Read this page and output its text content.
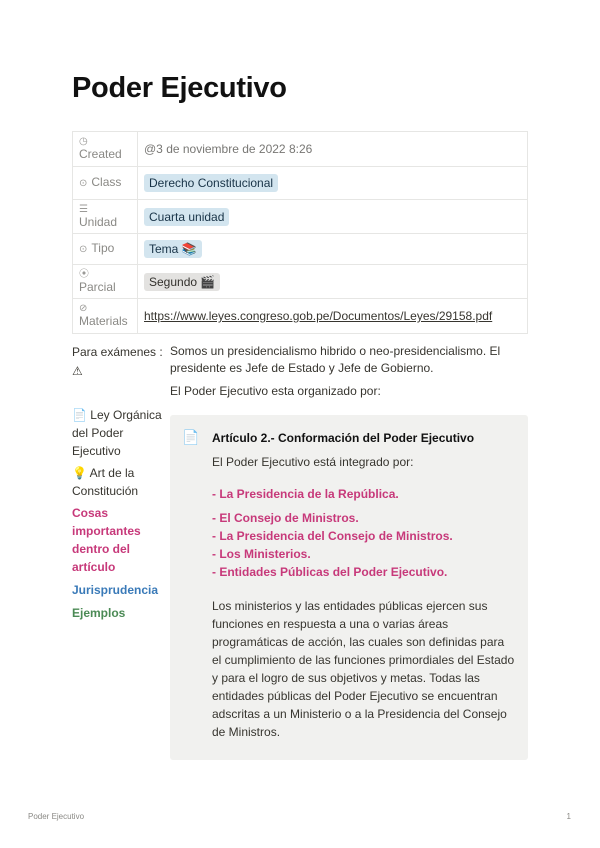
Poder Ejecutivo
◷
Created	@3 de noviembre de 2022 8:26
⊙ Class	Derecho Constitucional

☰
Unidad	Cuarta unidad
⊙ Tipo	Tema 📚

⦿
Parcial	Segundo 🎬

⊘
Materials	https://www.leyes.congreso.gob.pe/Documentos/Leyes/29158.pdf
Para exámenes :
⚠
📄 Ley Orgánica del Poder Ejecutivo
💡 Art de la Constitución
Cosas importantes dentro del artículo
Jurisprudencia
Ejemplos

Somos un presidencialismo hibrido o neo-presidencialismo. El presidente es Jefe de Estado y Jefe de Gobierno.

El Poder Ejecutivo esta organizado por:

📄 Artículo 2.- Conformación del Poder Ejecutivo
El Poder Ejecutivo está integrado por:
- La Presidencia de la República.
- El Consejo de Ministros.
- La Presidencia del Consejo de Ministros.
- Los Ministerios.
- Entidades Públicas del Poder Ejecutivo.
Los ministerios y las entidades públicas ejercen sus funciones en respuesta a una o varias áreas programáticas de acción, las cuales son definidas para el cumplimiento de las funciones primordiales del Estado y para el logro de sus objetivos y metas. Todas las entidades públicas del Poder Ejecutivo se encuentran adscritas a un Ministerio o a la Presidencia del Consejo de Ministros.
Poder Ejecutivo	1
